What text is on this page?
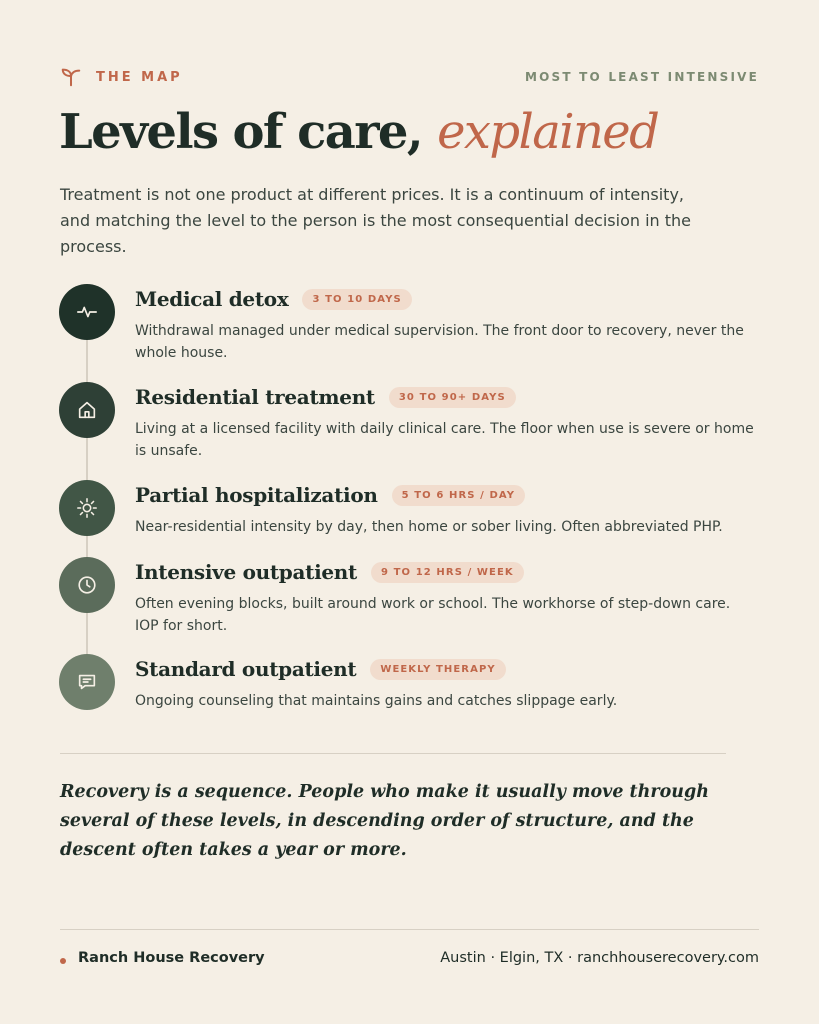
THE MAP	MOST TO LEAST INTENSIVE
Levels of care, explained

Treatment is not one product at different prices. It is a continuum of intensity, and matching the level to the person is the most consequential decision in the process.

Medical detox	3 TO 10 DAYS

Withdrawal managed under medical supervision. The front door to recovery, never the whole house.

Residential treatment	30 TO 90+ DAYS

Living at a licensed facility with daily clinical care. The floor when use is severe or home is unsafe.

Partial hospitalization	5 TO 6 HRS / DAY

Near-residential intensity by day, then home or sober living. Often abbreviated PHP.

Intensive outpatient	9 TO 12 HRS / WEEK

Often evening blocks, built around work or school. The workhorse of step-down care. IOP for short.

Standard outpatient	WEEKLY THERAPY

Ongoing counseling that maintains gains and catches slippage early.

Recovery is a sequence. People who make it usually move through several of these levels, in descending order of structure, and the descent often takes a year or more.

Ranch House Recovery	Austin · Elgin, TX · ranchhouserecovery.com
